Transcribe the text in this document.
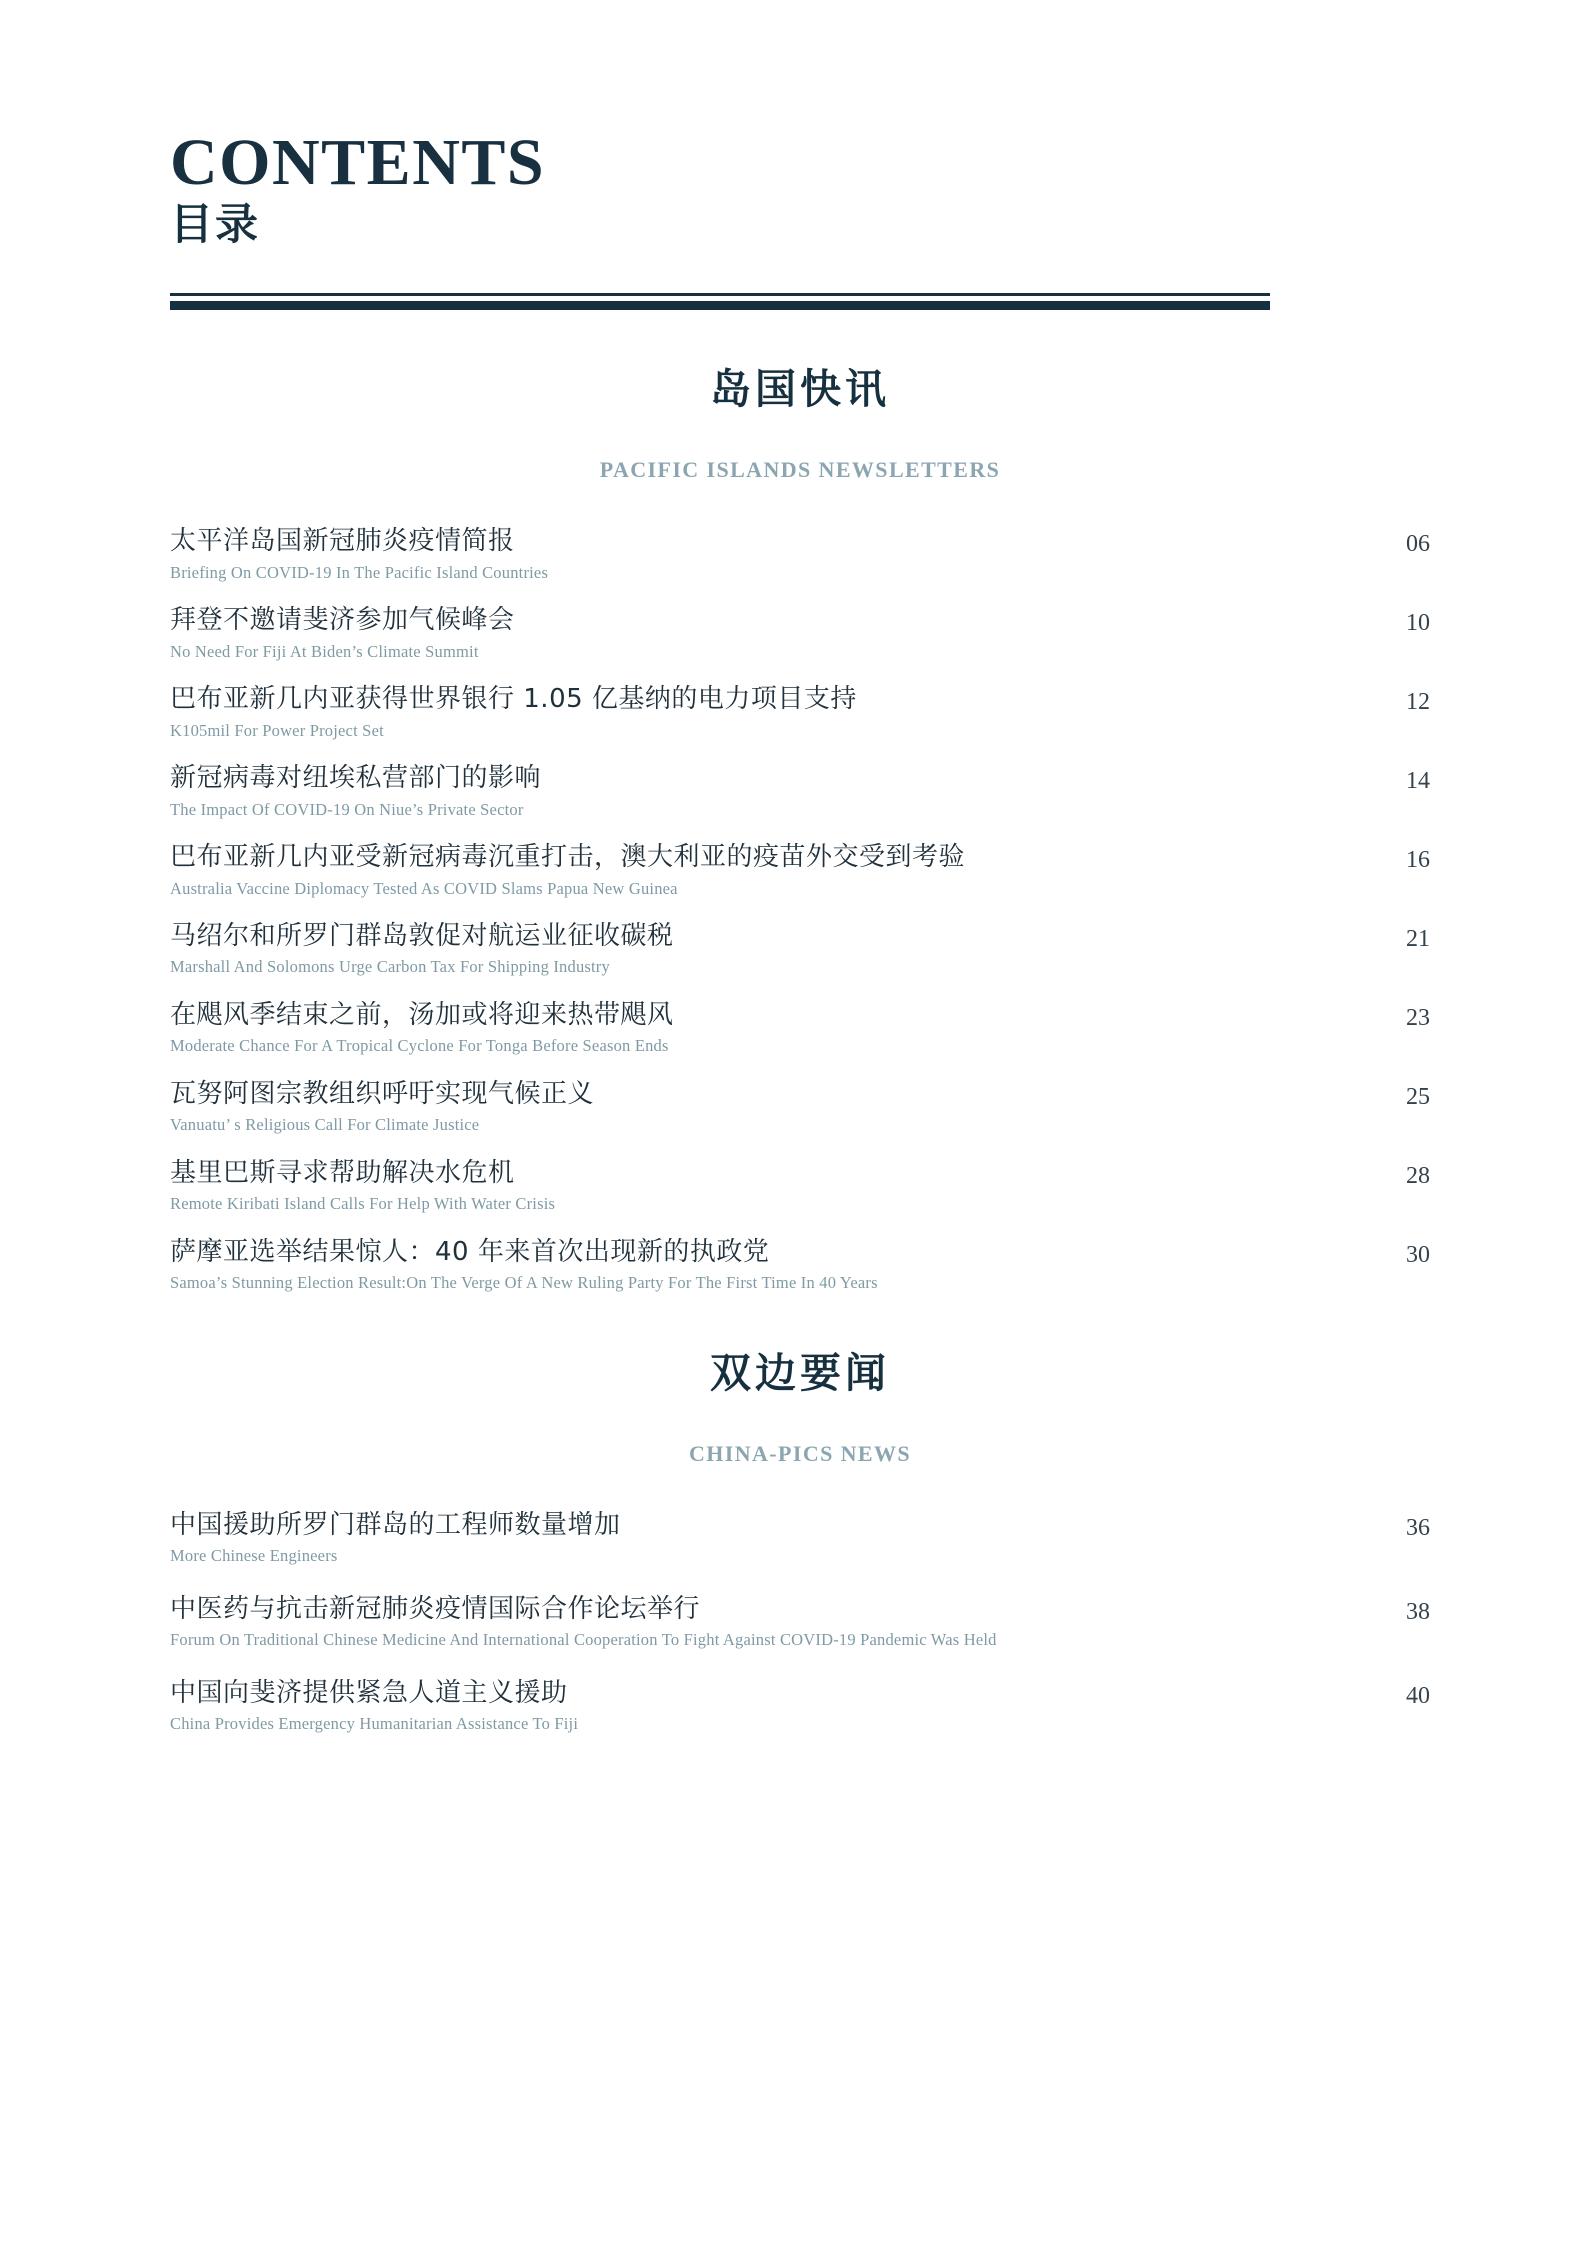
CONTENTS
目录
岛国快讯
PACIFIC ISLANDS NEWSLETTERS
太平洋岛国新冠肺炎疫情简报
Briefing On COVID-19 In The Pacific Island Countries
06
拜登不邀请斐济参加气候峰会
No Need For Fiji At Biden’s Climate Summit
10
巴布亚新几内亚获得世界银行 1.05 亿基纳的电力项目支持
K105mil For Power Project Set
12
新冠病毒对纽埃私营部门的影响
The Impact Of COVID-19 On Niue’s Private Sector
14
巴布亚新几内亚受新冠病毒沉重打击，澳大利亚的疫苗外交受到考验
Australia Vaccine Diplomacy Tested As COVID Slams Papua New Guinea
16
马绍尔和所罗门群岛敦促对航运业征收碳税
Marshall And Solomons Urge Carbon Tax For Shipping Industry
21
在飓风季结束之前，汤加或将迎来热带飓风
Moderate Chance For A Tropical Cyclone For Tonga Before Season Ends
23
瓦努阿图宗教组织呼吁实现气候正义
Vanuatu’ s Religious Call For Climate Justice
25
基里巴斯寻求帮助解决水危机
Remote Kiribati Island Calls For Help With Water Crisis
28
萨摩亚选举结果惊人：40 年来首次出现新的执政党
Samoa’s Stunning Election Result:On The Verge Of A New Ruling Party For The First Time In 40 Years
30
双边要闻
CHINA-PICS NEWS
中国援助所罗门群岛的工程师数量增加
More Chinese Engineers
36
中医药与抗击新冠肺炎疫情国际合作论坛举行
Forum On Traditional Chinese Medicine And International Cooperation To Fight Against COVID-19 Pandemic Was Held
38
中国向斐济提供紧急人道主义援助
China Provides Emergency Humanitarian Assistance To Fiji
40
